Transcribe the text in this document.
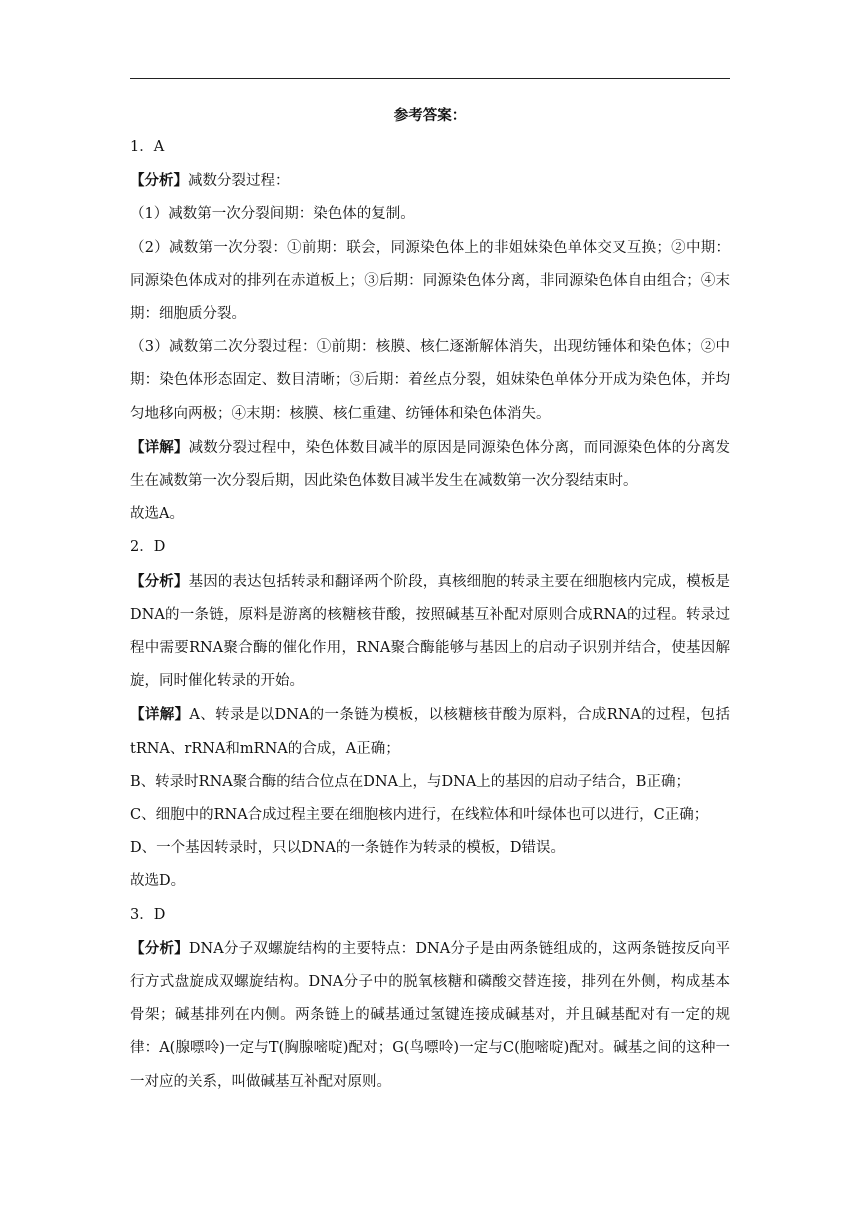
参考答案：

1．A

【分析】减数分裂过程：

（1）减数第一次分裂间期：染色体的复制。

（2）减数第一次分裂：①前期：联会，同源染色体上的非姐妹染色单体交叉互换；②中期：同源染色体成对的排列在赤道板上；③后期：同源染色体分离，非同源染色体自由组合；④末期：细胞质分裂。

（3）减数第二次分裂过程：①前期：核膜、核仁逐渐解体消失，出现纺锤体和染色体；②中期：染色体形态固定、数目清晰；③后期：着丝点分裂，姐妹染色单体分开成为染色体，并均匀地移向两极；④末期：核膜、核仁重建、纺锤体和染色体消失。

【详解】减数分裂过程中，染色体数目减半的原因是同源染色体分离，而同源染色体的分离发生在减数第一次分裂后期，因此染色体数目减半发生在减数第一次分裂结束时。

故选A。

2．D

【分析】基因的表达包括转录和翻译两个阶段，真核细胞的转录主要在细胞核内完成，模板是DNA的一条链，原料是游离的核糖核苷酸，按照碱基互补配对原则合成RNA的过程。转录过程中需要RNA聚合酶的催化作用，RNA聚合酶能够与基因上的启动子识别并结合，使基因解旋，同时催化转录的开始。

【详解】A、转录是以DNA的一条链为模板，以核糖核苷酸为原料，合成RNA的过程，包括tRNA、rRNA和mRNA的合成，A正确；

B、转录时RNA聚合酶的结合位点在DNA上，与DNA上的基因的启动子结合，B正确；

C、细胞中的RNA合成过程主要在细胞核内进行，在线粒体和叶绿体也可以进行，C正确；

D、一个基因转录时，只以DNA的一条链作为转录的模板，D错误。

故选D。

3．D

【分析】DNA分子双螺旋结构的主要特点：DNA分子是由两条链组成的，这两条链按反向平行方式盘旋成双螺旋结构。DNA分子中的脱氧核糖和磷酸交替连接，排列在外侧，构成基本骨架；碱基排列在内侧。两条链上的碱基通过氢键连接成碱基对，并且碱基配对有一定的规律：A(腺嘌呤)一定与T(胸腺嘧啶)配对；G(鸟嘌呤)一定与C(胞嘧啶)配对。碱基之间的这种一一对应的关系，叫做碱基互补配对原则。
